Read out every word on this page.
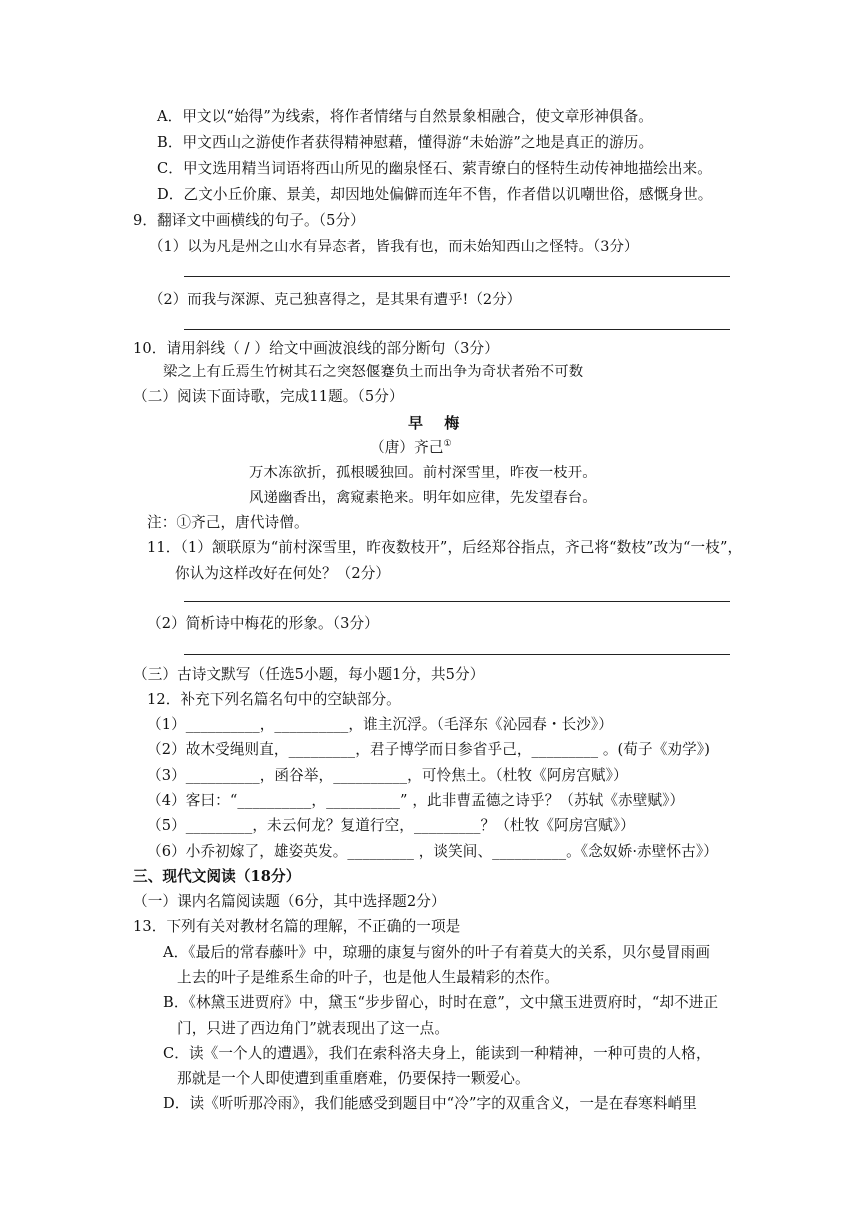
A．甲文以“始得”为线索，将作者情绪与自然景象相融合，使文章形神俱备。
B．甲文西山之游使作者获得精神慰藉，懂得游“未始游”之地是真正的游历。
C．甲文选用精当词语将西山所见的幽泉怪石、萦青缭白的怪特生动传神地描绘出来。
D．乙文小丘价廉、景美，却因地处偏僻而连年不售，作者借以讥嘲世俗，感慨身世。
9．翻译文中画横线的句子。（5分）
（1）以为凡是州之山水有异态者，皆我有也，而未始知西山之怪特。（3分）
（2）而我与深源、克己独喜得之，是其果有遭乎!（2分）
10．请用斜线（ / ）给文中画波浪线的部分断句（3分）
梁之上有丘焉生竹树其石之突怒偃蹇负土而出争为奇状者殆不可数
（二）阅读下面诗歌，完成11题。（5分）
早 梅
（唐）齐己①
万木冻欲折，孤根暖独回。前村深雪里，昨夜一枝开。
风递幽香出，禽窥素艳来。明年如应律，先发望春台。
注：①齐己，唐代诗僧。
11．（1）颔联原为“前村深雪里，昨夜数枝开”，后经郑谷指点，齐己将“数枝”改为“一枝”，
你认为这样改好在何处？（2分）
（2）简析诗中梅花的形象。（3分）
（三）古诗文默写（任选5小题，每小题1分，共5分）
12．补充下列名篇名句中的空缺部分。
（1）__________，__________，谁主沉浮。（毛泽东《沁园春・长沙》）
（2）故木受绳则直，_________，君子博学而日参省乎己，_________ 。(荀子《劝学》)
（3）__________，函谷举，__________，可怜焦土。（杜牧《阿房宫赋》）
（4）客曰：“__________，__________” ，此非曹孟德之诗乎？（苏轼《赤壁赋》）
（5）_________，未云何龙？复道行空，_________？（杜牧《阿房宫赋》）
（6）小乔初嫁了，雄姿英发。_________ ，谈笑间、__________。《念奴娇·赤壁怀古》）
三、现代文阅读（18分）
（一）课内名篇阅读题（6分，其中选择题2分）
13．下列有关对教材名篇的理解，不正确的一项是
A．《最后的常春藤叶》中，琼珊的康复与窗外的叶子有着莫大的关系，贝尔曼冒雨画
上去的叶子是维系生命的叶子，也是他人生最精彩的杰作。
B．《林黛玉进贾府》中，黛玉“步步留心，时时在意”，文中黛玉进贾府时，“却不进正
门，只进了西边角门”就表现出了这一点。
C．读《一个人的遭遇》，我们在索科洛夫身上，能读到一种精神，一种可贵的人格，
那就是一个人即使遭到重重磨难，仍要保持一颗爱心。
D．读《听听那冷雨》，我们能感受到题目中“冷”字的双重含义，一是在春寒料峭里
